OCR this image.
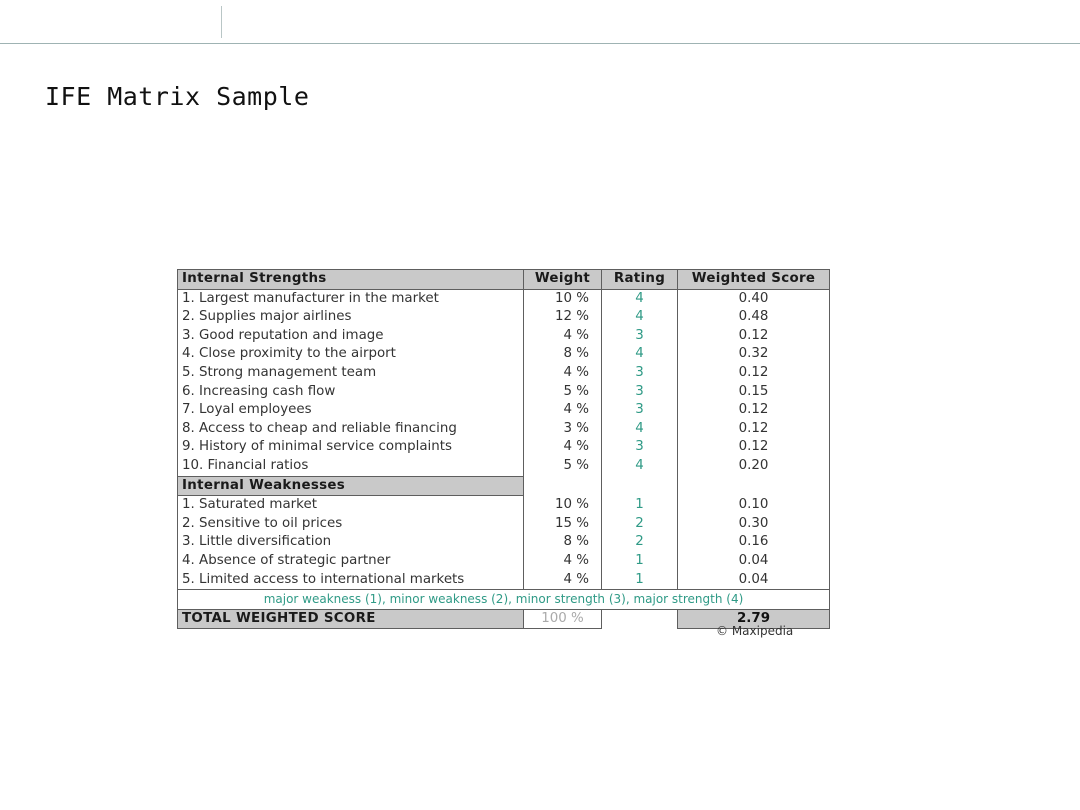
IFE Matrix Sample
Internal Strengths	Weight	Rating	Weighted Score
1. Largest manufacturer in the market	10 %	4	0.40
2. Supplies major airlines	12 %	4	0.48
3. Good reputation and image	4 %	3	0.12
4. Close proximity to the airport	8 %	4	0.32
5. Strong management team	4 %	3	0.12
6. Increasing cash flow	5 %	3	0.15
7. Loyal employees	4 %	3	0.12
8. Access to cheap and reliable financing	3 %	4	0.12
9. History of minimal service complaints	4 %	3	0.12
10. Financial ratios	5 %	4	0.20
Internal Weaknesses			
1. Saturated market	10 %	1	0.10
2. Sensitive to oil prices	15 %	2	0.30
3. Little diversification	8 %	2	0.16
4. Absence of strategic partner	4 %	1	0.04
5. Limited access to international markets	4 %	1	0.04
major weakness (1), minor weakness (2), minor strength (3), major strength (4)			
TOTAL WEIGHTED SCORE	100 %		2.79
© Maxipedia
